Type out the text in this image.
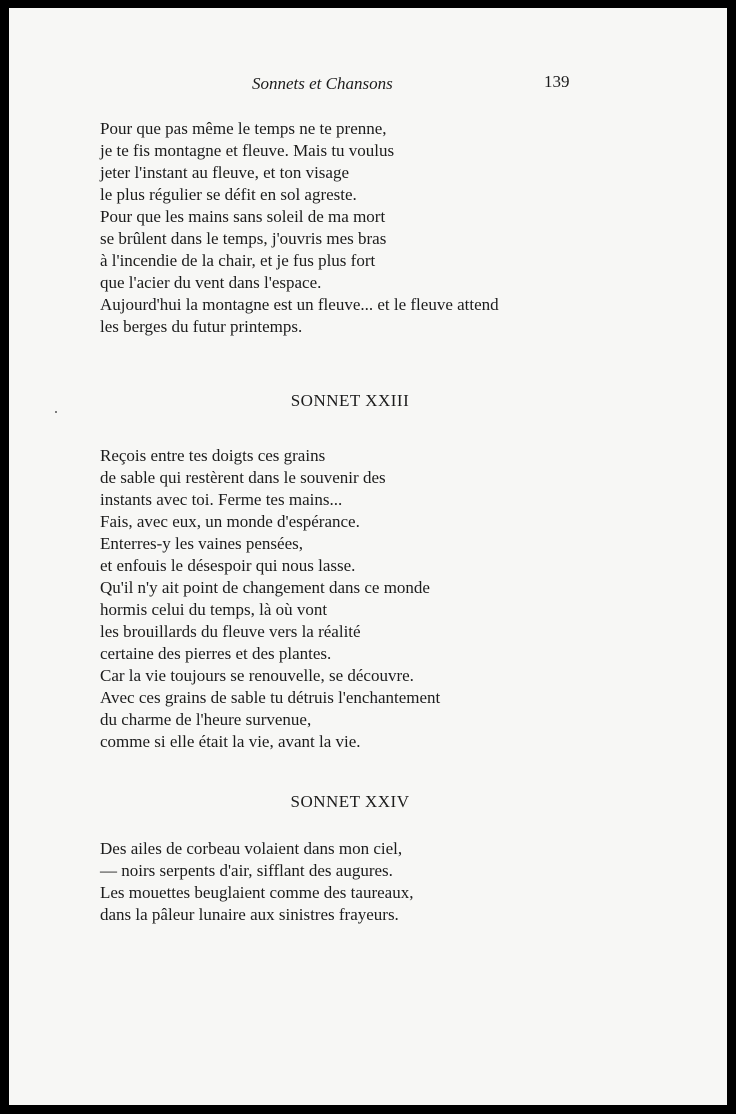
Sonnets et Chansons	139
Pour que pas même le temps ne te prenne,
je te fis montagne et fleuve. Mais tu voulus
jeter l'instant au fleuve, et ton visage
le plus régulier se défit en sol agreste.
Pour que les mains sans soleil de ma mort
se brûlent dans le temps, j'ouvris mes bras
à l'incendie de la chair, et je fus plus fort
que l'acier du vent dans l'espace.
Aujourd'hui la montagne est un fleuve... et le fleuve attend
les berges du futur printemps.
SONNET XXIII
Reçois entre tes doigts ces grains
de sable qui restèrent dans le souvenir des
instants avec toi. Ferme tes mains...
Fais, avec eux, un monde d'espérance.
Enterres-y les vaines pensées,
et enfouis le désespoir qui nous lasse.
Qu'il n'y ait point de changement dans ce monde
hormis celui du temps, là où vont
les brouillards du fleuve vers la réalité
certaine des pierres et des plantes.
Car la vie toujours se renouvelle, se découvre.
Avec ces grains de sable tu détruis l'enchantement
du charme de l'heure survenue,
comme si elle était la vie, avant la vie.
SONNET XXIV
Des ailes de corbeau volaient dans mon ciel,
— noirs serpents d'air, sifflant des augures.
Les mouettes beuglaient comme des taureaux,
dans la pâleur lunaire aux sinistres frayeurs.
